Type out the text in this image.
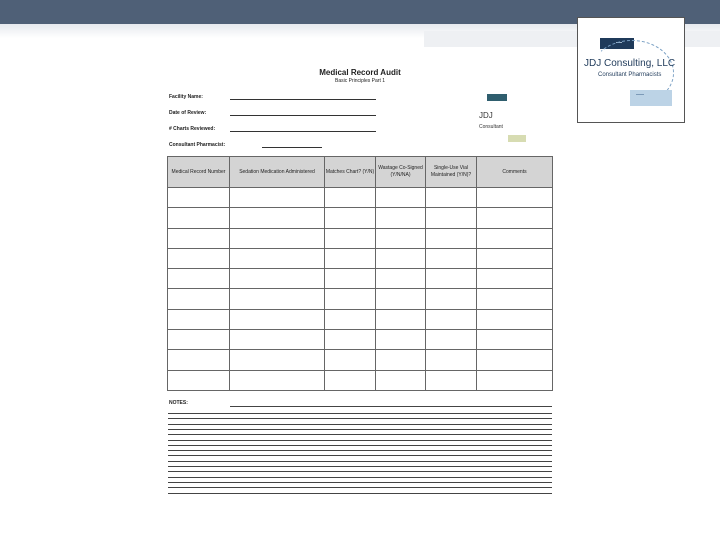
Medical Record Audit
Basic Principles Part 1
Facility Name:
Date of Review:
# Charts Reviewed:
Consultant Pharmacist:
JDJ
Consultant
JDJ Consulting, LLC
Consultant Pharmacists
Medical Record Number	Sedation Medication Administered	Matches Chart? (Y/N)	Wastage Co-Signed (Y/N/NA)	Single-Use Vial Maintained (Y/N)?	Comments

NOTES:
